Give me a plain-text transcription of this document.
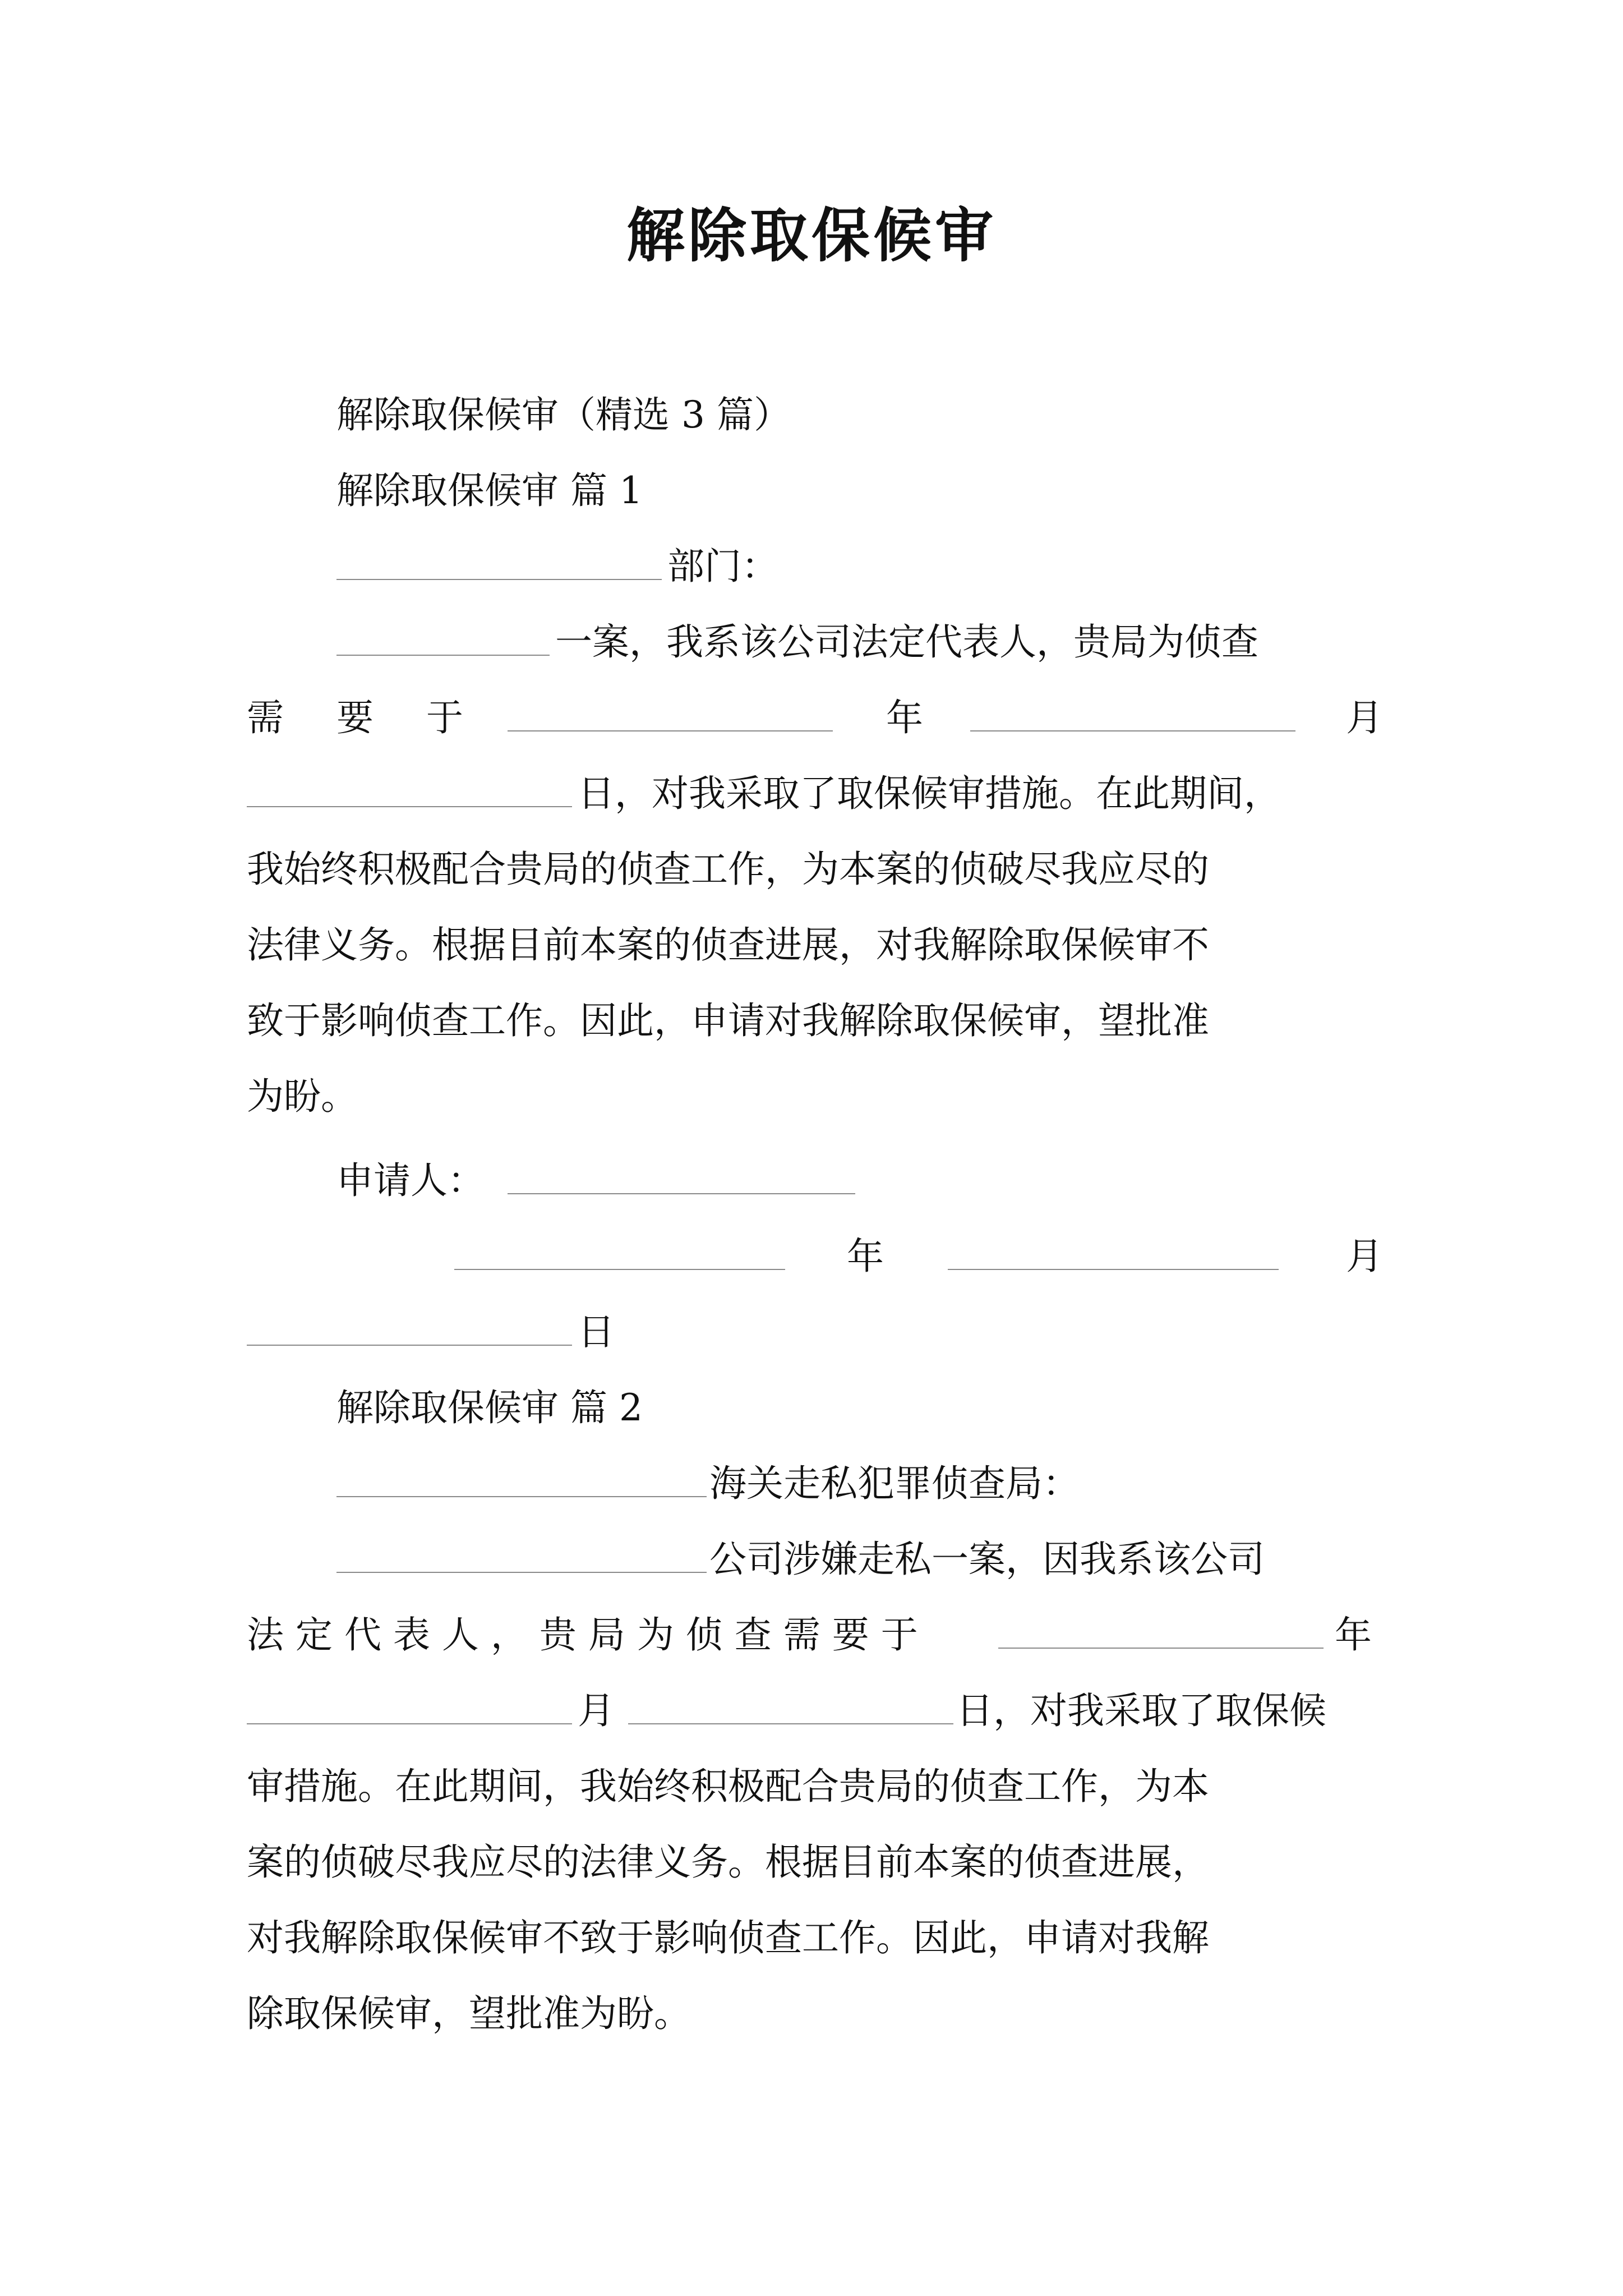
解除取保候审
解除取保候审（精选 3 篇）
解除取保候审 篇 1
部门：
一案，我系该公司法定代表人，贵局为侦查
需 要 于	年	月
日，对我采取了取保候审措施。在此期间，
我始终积极配合贵局的侦查工作，为本案的侦破尽我应尽的
法律义务。根据目前本案的侦查进展，对我解除取保候审不
致于影响侦查工作。因此，申请对我解除取保候审，望批准
为盼。
申请人：
年	月
日
解除取保候审 篇 2
海关走私犯罪侦查局：
公司涉嫌走私一案，因我系该公司
法 定 代 表 人 ， 贵 局 为 侦 查 需 要 于	年
月	日，对我采取了取保候
审措施。在此期间，我始终积极配合贵局的侦查工作，为本
案的侦破尽我应尽的法律义务。根据目前本案的侦查进展，
对我解除取保候审不致于影响侦查工作。因此，申请对我解
除取保候审，望批准为盼。
